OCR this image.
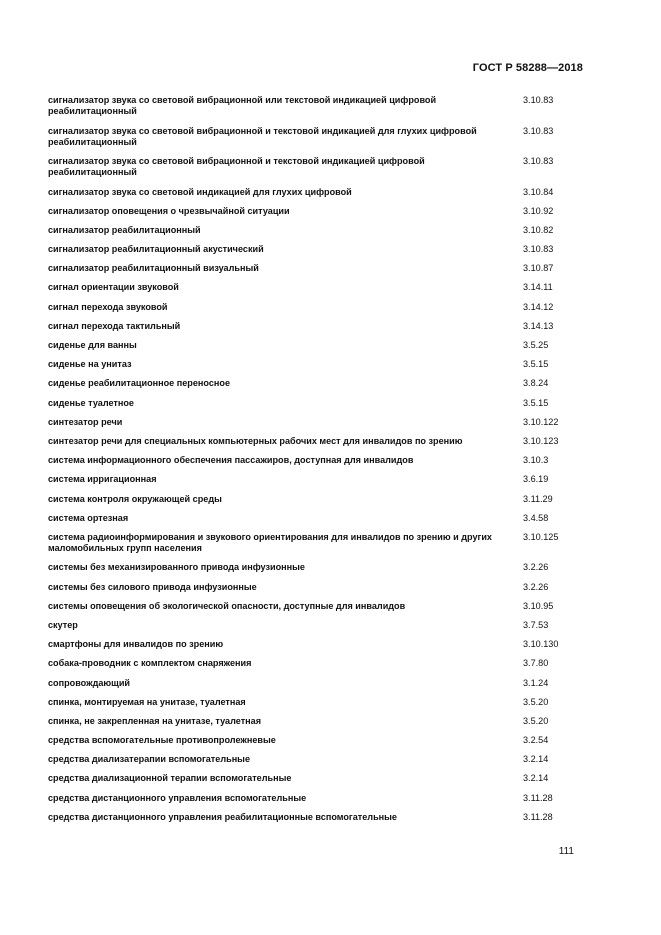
ГОСТ Р 58288—2018
сигнализатор звука со световой вибрационной или текстовой индикацией цифровой реабилитационный
3.10.83
сигнализатор звука со световой вибрационной и текстовой индикацией для глухих цифровой реабилитационный
3.10.83
сигнализатор звука со световой вибрационной и текстовой индикацией цифровой реабилитационный
3.10.83
сигнализатор звука со световой индикацией для глухих цифровой	3.10.84
сигнализатор оповещения о чрезвычайной ситуации	3.10.92
сигнализатор реабилитационный	3.10.82
сигнализатор реабилитационный акустический	3.10.83
сигнализатор реабилитационный визуальный	3.10.87
сигнал ориентации звуковой	3.14.11
сигнал перехода звуковой	3.14.12
сигнал перехода тактильный	3.14.13
сиденье для ванны	3.5.25
сиденье на унитаз	3.5.15
сиденье реабилитационное переносное	3.8.24
сиденье туалетное	3.5.15
синтезатор речи	3.10.122
синтезатор речи для специальных компьютерных рабочих мест для инвалидов по зрению	3.10.123
система информационного обеспечения пассажиров, доступная для инвалидов	3.10.3
система ирригационная	3.6.19
система контроля окружающей среды	3.11.29
система ортезная	3.4.58
система радиоинформирования и звукового ориентирования для инвалидов по зрению и других маломобильных групп населения
3.10.125
системы без механизированного привода инфузионные	3.2.26
системы без силового привода инфузионные	3.2.26
системы оповещения об экологической опасности, доступные для инвалидов	3.10.95
скутер	3.7.53
смартфоны для инвалидов по зрению	3.10.130
собака-проводник с комплектом снаряжения	3.7.80
сопровождающий	3.1.24
спинка, монтируемая на унитазе, туалетная	3.5.20
спинка, не закрепленная на унитазе, туалетная	3.5.20
средства вспомогательные противопролежневые	3.2.54
средства диализатерапии вспомогательные	3.2.14
средства диализационной терапии вспомогательные	3.2.14
средства дистанционного управления вспомогательные	3.11.28
средства дистанционного управления реабилитационные вспомогательные	3.11.28
111
